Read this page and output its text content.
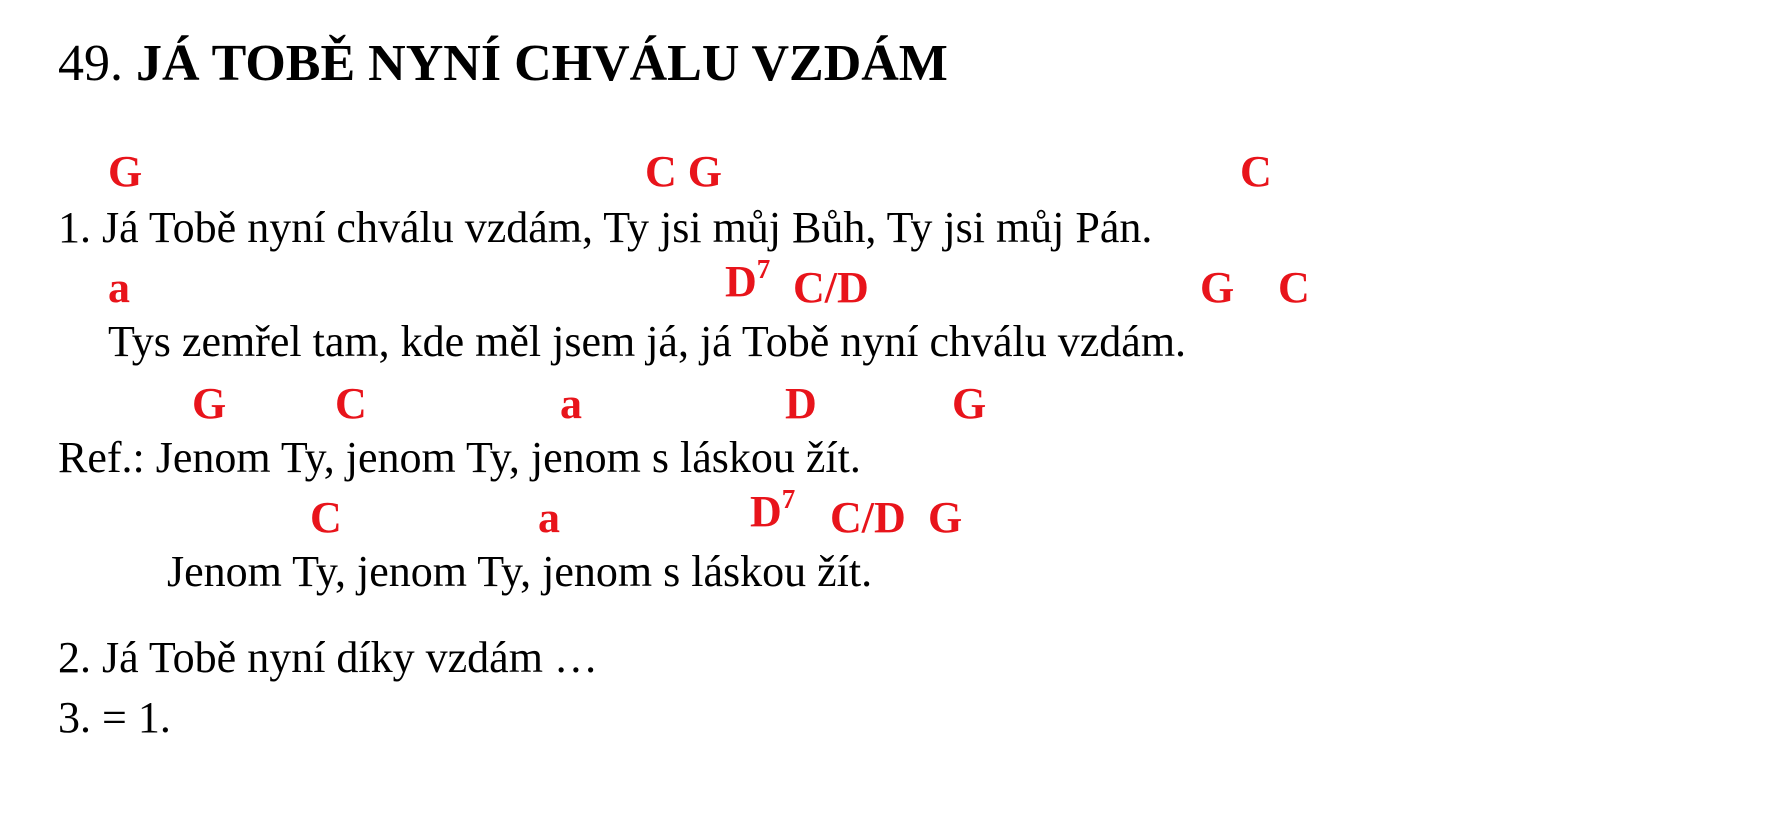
49. JÁ TOBĚ NYNÍ CHVÁLU VZDÁM
G	C G	C
1. Já Tobě nyní chválu vzdám, Ty jsi můj Bůh, Ty jsi můj Pán.
a	$D^7$ C/D	G C
Tys zemřel tam, kde měl jsem já, já Tobě nyní chválu vzdám.
G C	a	D	G
Ref.: Jenom Ty, jenom Ty, jenom s láskou žít.
C	a	$D^7$ C/D G
Jenom Ty, jenom Ty, jenom s láskou žít.
2. Já Tobě nyní díky vzdám …
3. = 1.
